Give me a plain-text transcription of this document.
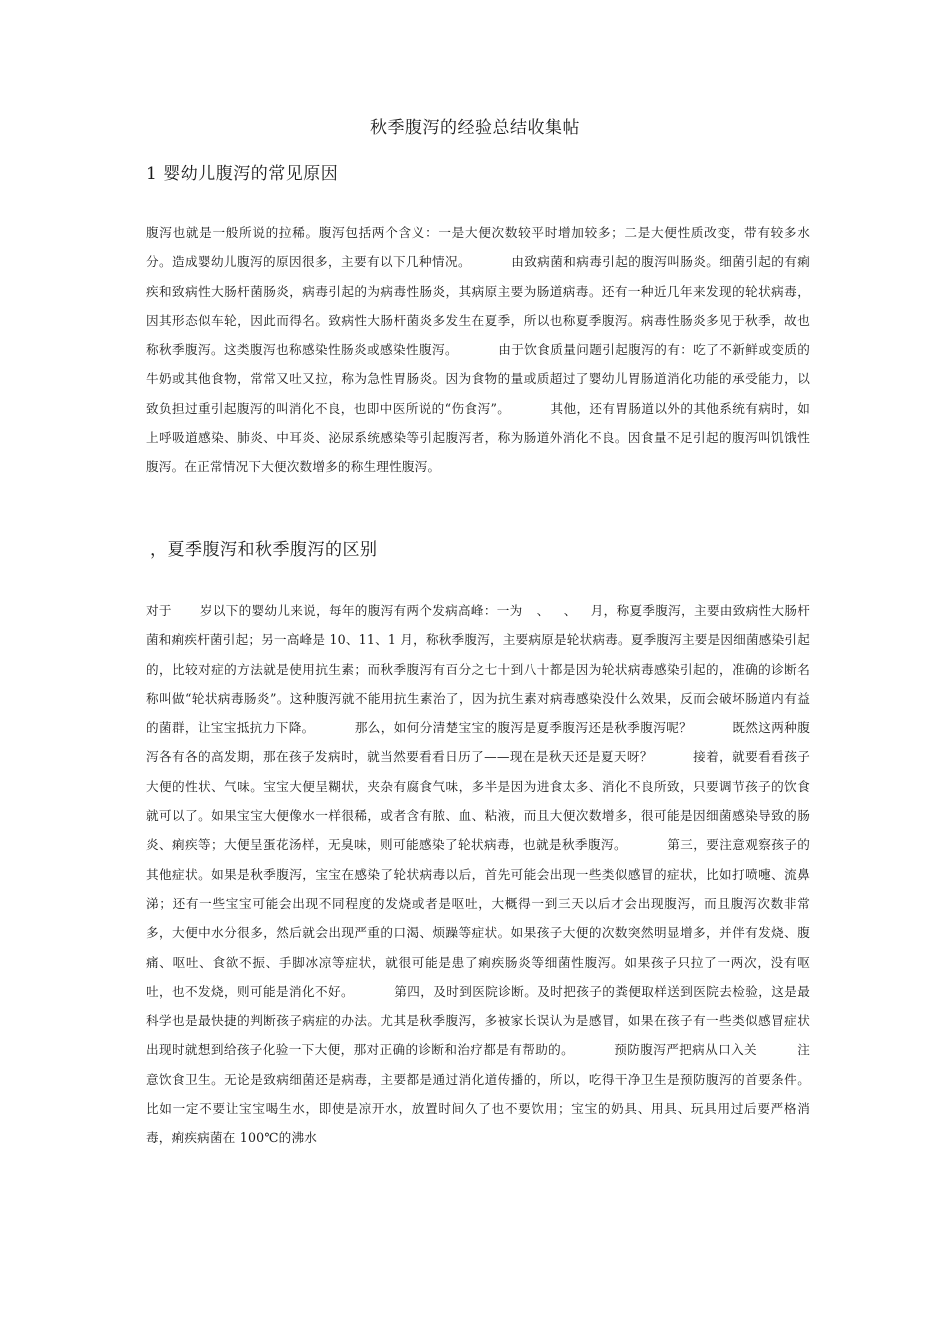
秋季腹泻的经验总结收集帖
1 婴幼儿腹泻的常见原因
腹泻也就是一般所说的拉稀。腹泻包括两个含义：一是大便次数较平时增加较多；二是大便性质改变，带有较多水分。造成婴幼儿腹泻的原因很多，主要有以下几种情况。	由致病菌和病毒引起的腹泻叫肠炎。细菌引起的有痢疾和致病性大肠杆菌肠炎，病毒引起的为病毒性肠炎，其病原主要为肠道病毒。还有一种近几年来发现的轮状病毒，因其形态似车轮，因此而得名。致病性大肠杆菌炎多发生在夏季，所以也称夏季腹泻。病毒性肠炎多见于秋季，故也称秋季腹泻。这类腹泻也称感染性肠炎或感染性腹泻。	由于饮食质量问题引起腹泻的有：吃了不新鲜或变质的牛奶或其他食物，常常又吐又拉，称为急性胃肠炎。因为食物的量或质超过了婴幼儿胃肠道消化功能的承受能力，以致负担过重引起腹泻的叫消化不良，也即中医所说的“伤食泻”。	其他，还有胃肠道以外的其他系统有病时，如上呼吸道感染、肺炎、中耳炎、泌尿系统感染等引起腹泻者，称为肠道外消化不良。因食量不足引起的腹泻叫饥饿性腹泻。在正常情况下大便次数增多的称生理性腹泻。
，夏季腹泻和秋季腹泻的区别
对于 岁以下的婴幼儿来说，每年的腹泻有两个发病高峰：一为 、 、 月，称夏季腹泻，主要由致病性大肠杆菌和痢疾杆菌引起；另一高峰是 10、11、1 月，称秋季腹泻，主要病原是轮状病毒。夏季腹泻主要是因细菌感染引起的，比较对症的方法就是使用抗生素；而秋季腹泻有百分之七十到八十都是因为轮状病毒感染引起的，准确的诊断名称叫做“轮状病毒肠炎”。这种腹泻就不能用抗生素治了，因为抗生素对病毒感染没什么效果，反而会破坏肠道内有益的菌群，让宝宝抵抗力下降。	那么，如何分清楚宝宝的腹泻是夏季腹泻还是秋季腹泻呢？	既然这两种腹泻各有各的高发期，那在孩子发病时，就当然要看看日历了——现在是秋天还是夏天呀？	接着，就要看看孩子大便的性状、气味。宝宝大便呈糊状，夹杂有腐食气味，多半是因为进食太多、消化不良所致，只要调节孩子的饮食就可以了。如果宝宝大便像水一样很稀，或者含有脓、血、粘液，而且大便次数增多，很可能是因细菌感染导致的肠炎、痢疾等；大便呈蛋花汤样，无臭味，则可能感染了轮状病毒，也就是秋季腹泻。	第三，要注意观察孩子的其他症状。如果是秋季腹泻，宝宝在感染了轮状病毒以后，首先可能会出现一些类似感冒的症状，比如打喷嚏、流鼻涕；还有一些宝宝可能会出现不同程度的发烧或者是呕吐，大概得一到三天以后才会出现腹泻，而且腹泻次数非常多，大便中水分很多，然后就会出现严重的口渴、烦躁等症状。如果孩子大便的次数突然明显增多，并伴有发烧、腹痛、呕吐、食欲不振、手脚冰凉等症状，就很可能是患了痢疾肠炎等细菌性腹泻。如果孩子只拉了一两次，没有呕吐，也不发烧，则可能是消化不好。	第四，及时到医院诊断。及时把孩子的粪便取样送到医院去检验，这是最科学也是最快捷的判断孩子病症的办法。尤其是秋季腹泻，多被家长误认为是感冒，如果在孩子有一些类似感冒症状出现时就想到给孩子化验一下大便，那对正确的诊断和治疗都是有帮助的。	预防腹泻严把病从口入关	注意饮食卫生。无论是致病细菌还是病毒，主要都是通过消化道传播的，所以，吃得干净卫生是预防腹泻的首要条件。比如一定不要让宝宝喝生水，即使是凉开水，放置时间久了也不要饮用；宝宝的奶具、用具、玩具用过后要严格消毒，痢疾病菌在 100℃的沸水
